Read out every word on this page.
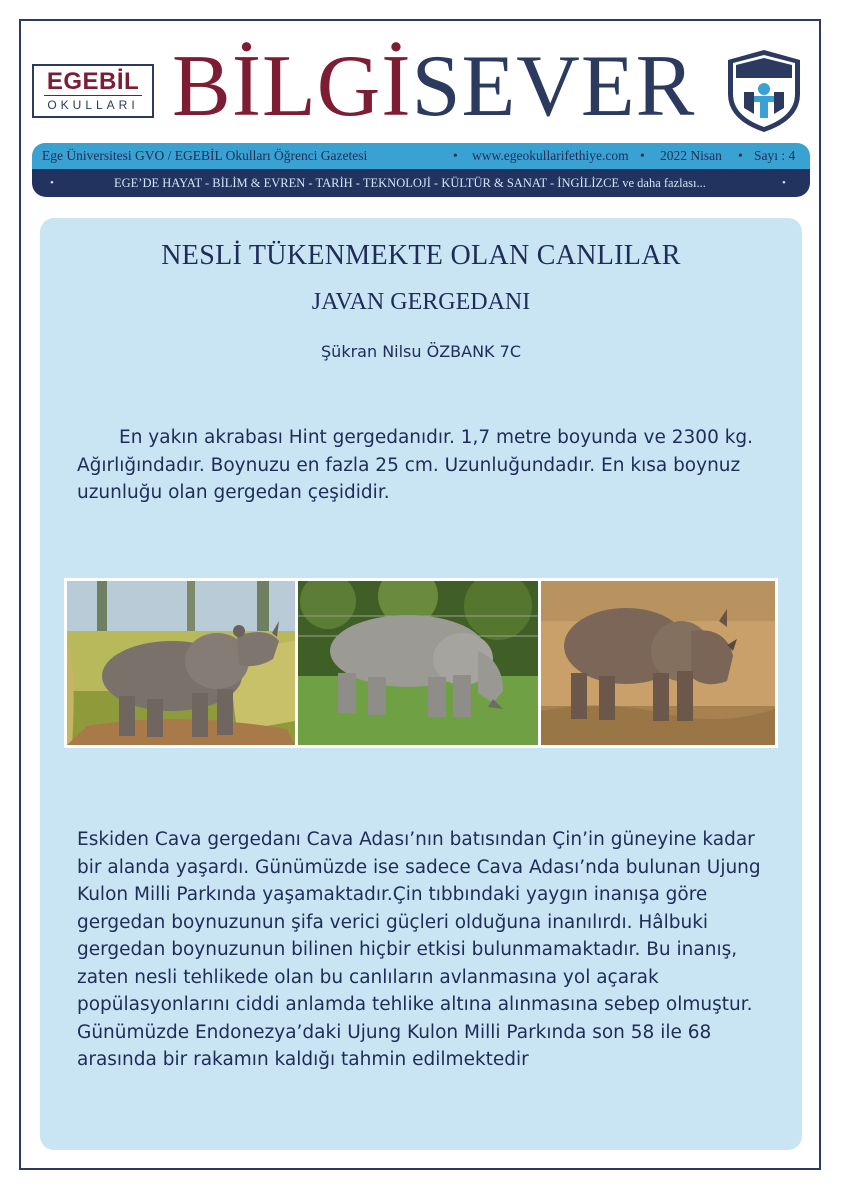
EGEBİL
OKULLARI BİLGİSEVER
Ege Üniversitesi GVO / EGEBİL Okulları Öğrenci Gazetesi	• www.egeokullarifethiye.com • 2022 Nisan • Sayı : 4
•	EGE’DE HAYAT - BİLİM & EVREN - TARİH - TEKNOLOJİ - KÜLTÜR & SANAT - İNGİLİZCE ve daha fazlası...	•
NESLİ TÜKENMEKTE OLAN CANLILAR
JAVAN GERGEDANI
Şükran Nilsu ÖZBANK 7C

En yakın akrabası Hint gergedanıdır. 1,7 metre boyunda ve 2300 kg. Ağırlığındadır. Boynuzu en fazla 25 cm. Uzunluğundadır. En kısa boynuz uzunluğu olan gergedan çeşididir.

Eskiden Cava gergedanı Cava Adası’nın batısından Çin’in güneyine kadar bir alanda yaşardı. Günümüzde ise sadece Cava Adası’nda bulunan Ujung Kulon Milli Parkında yaşamaktadır.Çin tıbbındaki yaygın inanışa göre gergedan boynuzunun şifa verici güçleri olduğuna inanılırdı. Hâlbuki gergedan boynuzunun bilinen hiçbir etkisi bulunmamaktadır. Bu inanış, zaten nesli tehlikede olan bu canlıların avlanmasına yol açarak popülasyonlarını ciddi anlamda tehlike altına alınmasına sebep olmuştur. Günümüzde Endonezya’daki Ujung Kulon Milli Parkında son 58 ile 68 arasında bir rakamın kaldığı tahmin edilmektedir
